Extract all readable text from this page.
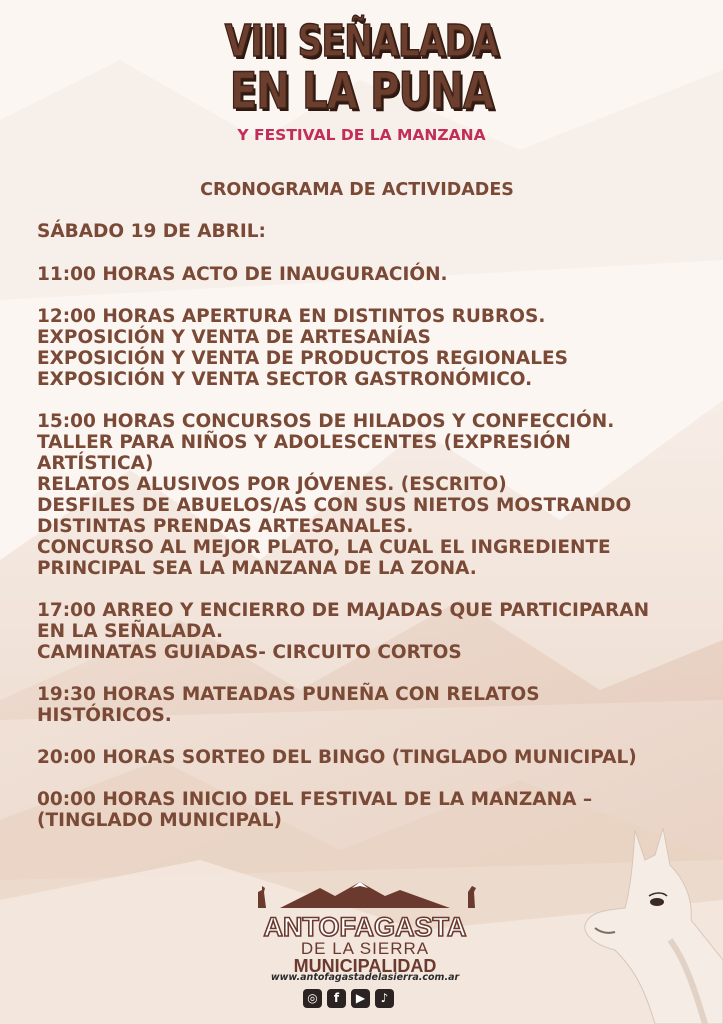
VIII SEÑALADA
EN LA PUNA
Y FESTIVAL DE LA MANZANA
CRONOGRAMA DE ACTIVIDADES
SÁBADO 19 DE ABRIL:
11:00 HORAS ACTO DE INAUGURACIÓN.
12:00 HORAS APERTURA EN DISTINTOS RUBROS.
EXPOSICIÓN Y VENTA DE ARTESANÍAS
EXPOSICIÓN Y VENTA DE PRODUCTOS REGIONALES
EXPOSICIÓN Y VENTA SECTOR GASTRONÓMICO.
15:00 HORAS CONCURSOS DE HILADOS Y CONFECCIÓN.
TALLER PARA NIÑOS Y ADOLESCENTES (EXPRESIÓN
ARTÍSTICA)
RELATOS ALUSIVOS POR JÓVENES. (ESCRITO)
DESFILES DE ABUELOS/AS CON SUS NIETOS MOSTRANDO
DISTINTAS PRENDAS ARTESANALES.
CONCURSO AL MEJOR PLATO, LA CUAL EL INGREDIENTE
PRINCIPAL SEA LA MANZANA DE LA ZONA.
17:00 ARREO Y ENCIERRO DE MAJADAS QUE PARTICIPARAN
EN LA SEÑALADA.
CAMINATAS GUIADAS- CIRCUITO CORTOS
19:30 HORAS MATEADAS PUNEÑA CON RELATOS
HISTÓRICOS.
20:00 HORAS SORTEO DEL BINGO (TINGLADO MUNICIPAL)
00:00 HORAS INICIO DEL FESTIVAL DE LA MANZANA –
(TINGLADO MUNICIPAL)
ANTOFAGASTA
DE LA SIERRA
MUNICIPALIDAD
www.antofagastadelasierra.com.ar
◎	f	▶	♪
